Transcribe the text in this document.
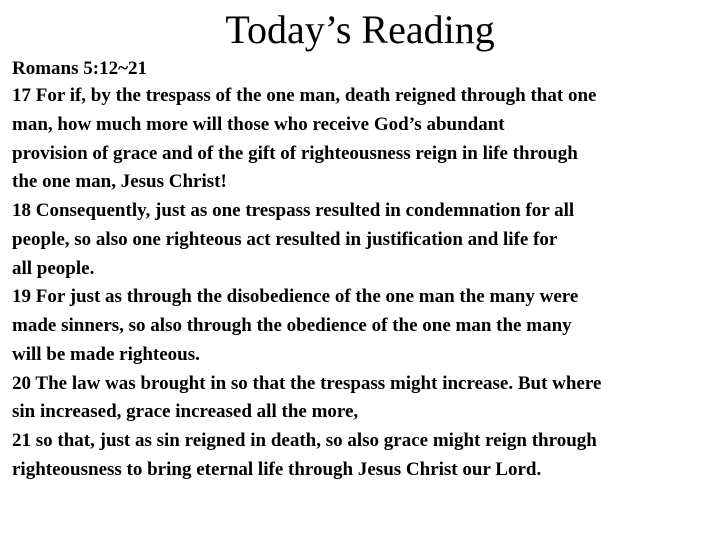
Today’s Reading

Romans 5:12~21

17 For if, by the trespass of the one man, death reigned through that one
man, how much more will those who receive God’s abundant
provision of grace and of the gift of righteousness reign in life through
the one man, Jesus Christ!
18 Consequently, just as one trespass resulted in condemnation for all
people, so also one righteous act resulted in justification and life for
all people.
19 For just as through the disobedience of the one man the many were
made sinners, so also through the obedience of the one man the many
will be made righteous.
20 The law was brought in so that the trespass might increase. But where
sin increased, grace increased all the more,
21 so that, just as sin reigned in death, so also grace might reign through
righteousness to bring eternal life through Jesus Christ our Lord.
